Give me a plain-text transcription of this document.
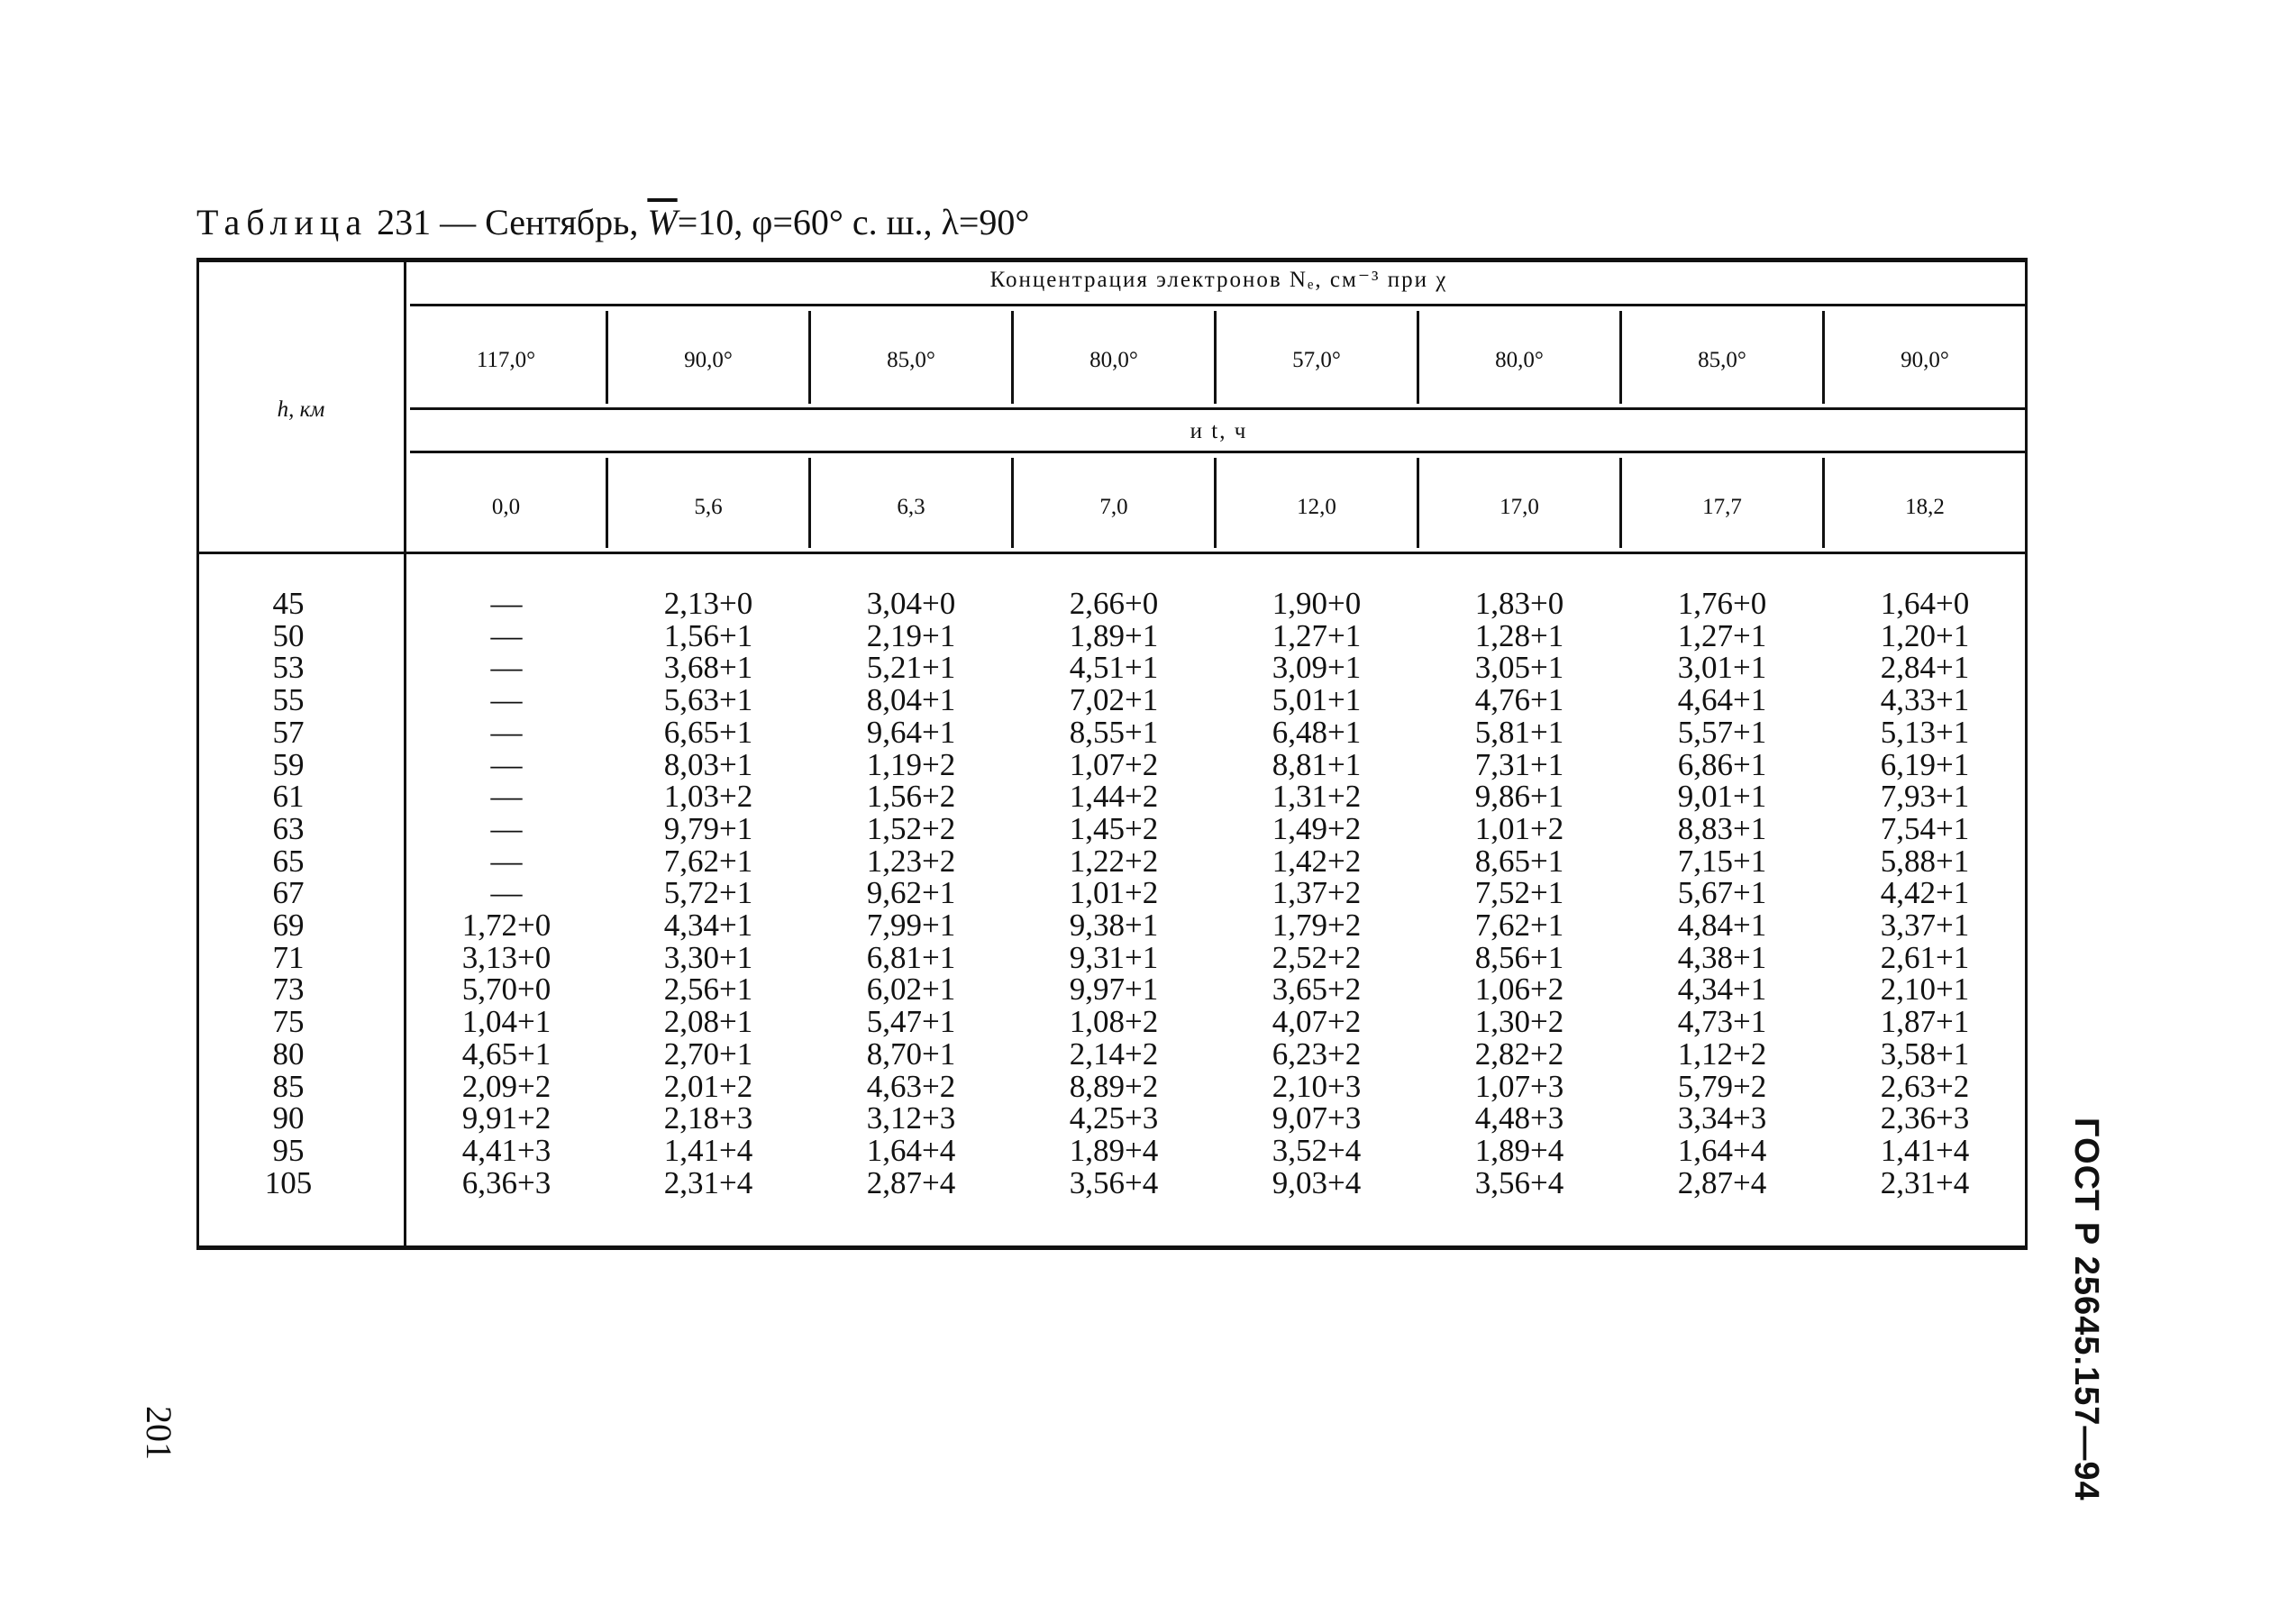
Таблица 231 — Сентябрь, $\overline{W}=10$, φ=60° с. ш., λ=90°
Концентрация электронов Nₑ, см⁻³ при χ
h, км
и t, ч
117,0°	90,0°	85,0°	80,0°	57,0°	80,0°	85,0°	90,0°
0,0	5,6	6,3	7,0	12,0	17,0	17,7	18,2
45	—	2,13+0	3,04+0	2,66+0	1,90+0	1,83+0	1,76+0	1,64+0
50	—	1,56+1	2,19+1	1,89+1	1,27+1	1,28+1	1,27+1	1,20+1
53	—	3,68+1	5,21+1	4,51+1	3,09+1	3,05+1	3,01+1	2,84+1
55	—	5,63+1	8,04+1	7,02+1	5,01+1	4,76+1	4,64+1	4,33+1
57	—	6,65+1	9,64+1	8,55+1	6,48+1	5,81+1	5,57+1	5,13+1
59	—	8,03+1	1,19+2	1,07+2	8,81+1	7,31+1	6,86+1	6,19+1
61	—	1,03+2	1,56+2	1,44+2	1,31+2	9,86+1	9,01+1	7,93+1
63	—	9,79+1	1,52+2	1,45+2	1,49+2	1,01+2	8,83+1	7,54+1
65	—	7,62+1	1,23+2	1,22+2	1,42+2	8,65+1	7,15+1	5,88+1
67	—	5,72+1	9,62+1	1,01+2	1,37+2	7,52+1	5,67+1	4,42+1
69	1,72+0	4,34+1	7,99+1	9,38+1	1,79+2	7,62+1	4,84+1	3,37+1
71	3,13+0	3,30+1	6,81+1	9,31+1	2,52+2	8,56+1	4,38+1	2,61+1
73	5,70+0	2,56+1	6,02+1	9,97+1	3,65+2	1,06+2	4,34+1	2,10+1
75	1,04+1	2,08+1	5,47+1	1,08+2	4,07+2	1,30+2	4,73+1	1,87+1
80	4,65+1	2,70+1	8,70+1	2,14+2	6,23+2	2,82+2	1,12+2	3,58+1
85	2,09+2	2,01+2	4,63+2	8,89+2	2,10+3	1,07+3	5,79+2	2,63+2
90	9,91+2	2,18+3	3,12+3	4,25+3	9,07+3	4,48+3	3,34+3	2,36+3
95	4,41+3	1,41+4	1,64+4	1,89+4	3,52+4	1,89+4	1,64+4	1,41+4
105	6,36+3	2,31+4	2,87+4	3,56+4	9,03+4	3,56+4	2,87+4	2,31+4	ГОСТ Р 25645.157—94
201
